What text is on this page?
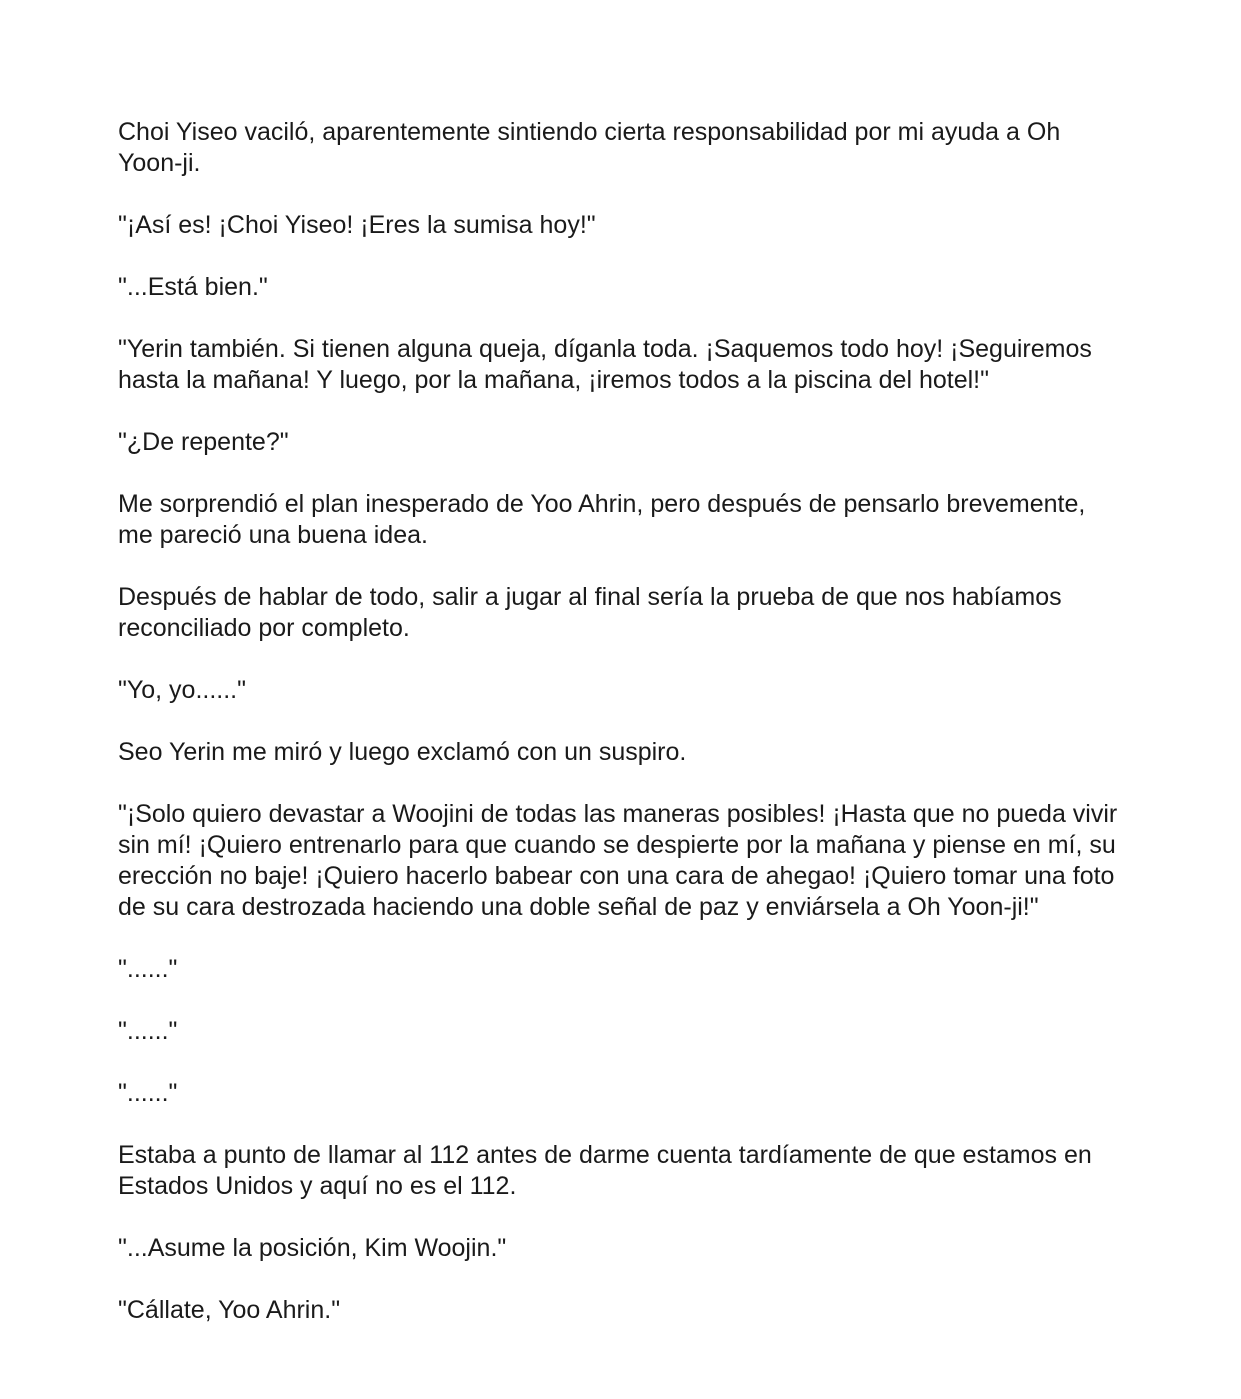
Choi Yiseo vaciló, aparentemente sintiendo cierta responsabilidad por mi ayuda a Oh Yoon-ji.

"¡Así es! ¡Choi Yiseo! ¡Eres la sumisa hoy!"

"...Está bien."

"Yerin también. Si tienen alguna queja, díganla toda. ¡Saquemos todo hoy! ¡Seguiremos hasta la mañana! Y luego, por la mañana, ¡iremos todos a la piscina del hotel!"

"¿De repente?"

Me sorprendió el plan inesperado de Yoo Ahrin, pero después de pensarlo brevemente, me pareció una buena idea.

Después de hablar de todo, salir a jugar al final sería la prueba de que nos habíamos reconciliado por completo.

"Yo, yo......"

Seo Yerin me miró y luego exclamó con un suspiro.

"¡Solo quiero devastar a Woojini de todas las maneras posibles! ¡Hasta que no pueda vivir sin mí! ¡Quiero entrenarlo para que cuando se despierte por la mañana y piense en mí, su erección no baje! ¡Quiero hacerlo babear con una cara de ahegao! ¡Quiero tomar una foto de su cara destrozada haciendo una doble señal de paz y enviársela a Oh Yoon-ji!"

"......"

"......"

"......"

Estaba a punto de llamar al 112 antes de darme cuenta tardíamente de que estamos en Estados Unidos y aquí no es el 112.

"...Asume la posición, Kim Woojin."

"Cállate, Yoo Ahrin."
